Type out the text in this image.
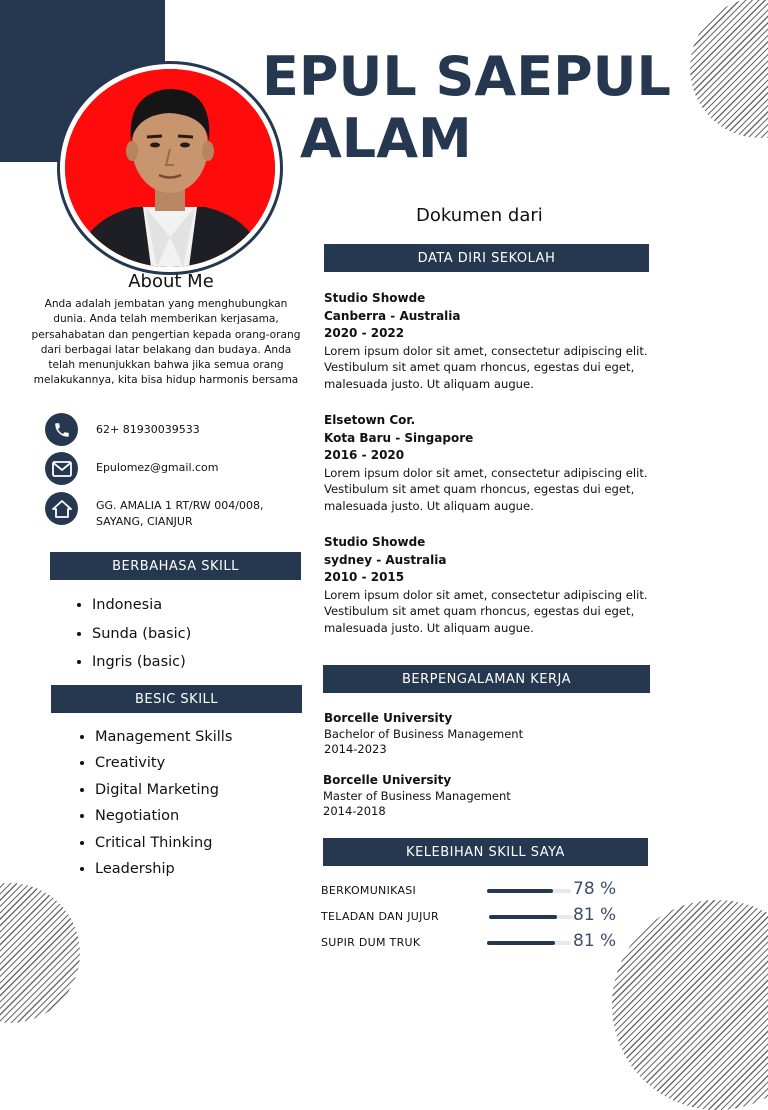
EPUL SAEPUL
ALAM
Dokumen dari
About Me
Anda adalah jembatan yang menghubungkan dunia. Anda telah memberikan kerjasama, persahabatan dan pengertian kepada orang-orang dari berbagai latar belakang dan budaya. Anda telah menunjukkan bahwa jika semua orang melakukannya, kita bisa hidup harmonis bersama
62+ 81930039533
Epulomez@gmail.com
GG. AMALIA 1 RT/RW 004/008,
SAYANG, CIANJUR
BERBAHASA SKILL
• Indonesia
• Sunda (basic)
• Ingris (basic)
BESIC SKILL
• Management Skills
• Creativity
• Digital Marketing
• Negotiation
• Critical Thinking
• Leadership
DATA DIRI SEKOLAH
Studio Showde
Canberra - Australia
2020 - 2022
Lorem ipsum dolor sit amet, consectetur adipiscing elit. Vestibulum sit amet quam rhoncus, egestas dui eget, malesuada justo. Ut aliquam augue.
Elsetown Cor.
Kota Baru - Singapore
2016 - 2020
Lorem ipsum dolor sit amet, consectetur adipiscing elit. Vestibulum sit amet quam rhoncus, egestas dui eget, malesuada justo. Ut aliquam augue.
Studio Showde
sydney - Australia
2010 - 2015
Lorem ipsum dolor sit amet, consectetur adipiscing elit. Vestibulum sit amet quam rhoncus, egestas dui eget, malesuada justo. Ut aliquam augue.
BERPENGALAMAN KERJA
Borcelle University
Bachelor of Business Management
2014-2023
Borcelle University
Master of Business Management
2014-2018
KELEBIHAN SKILL SAYA
BERKOMUNIKASI	78 %
TELADAN DAN JUJUR	81 %
SUPIR DUM TRUK	81 %
